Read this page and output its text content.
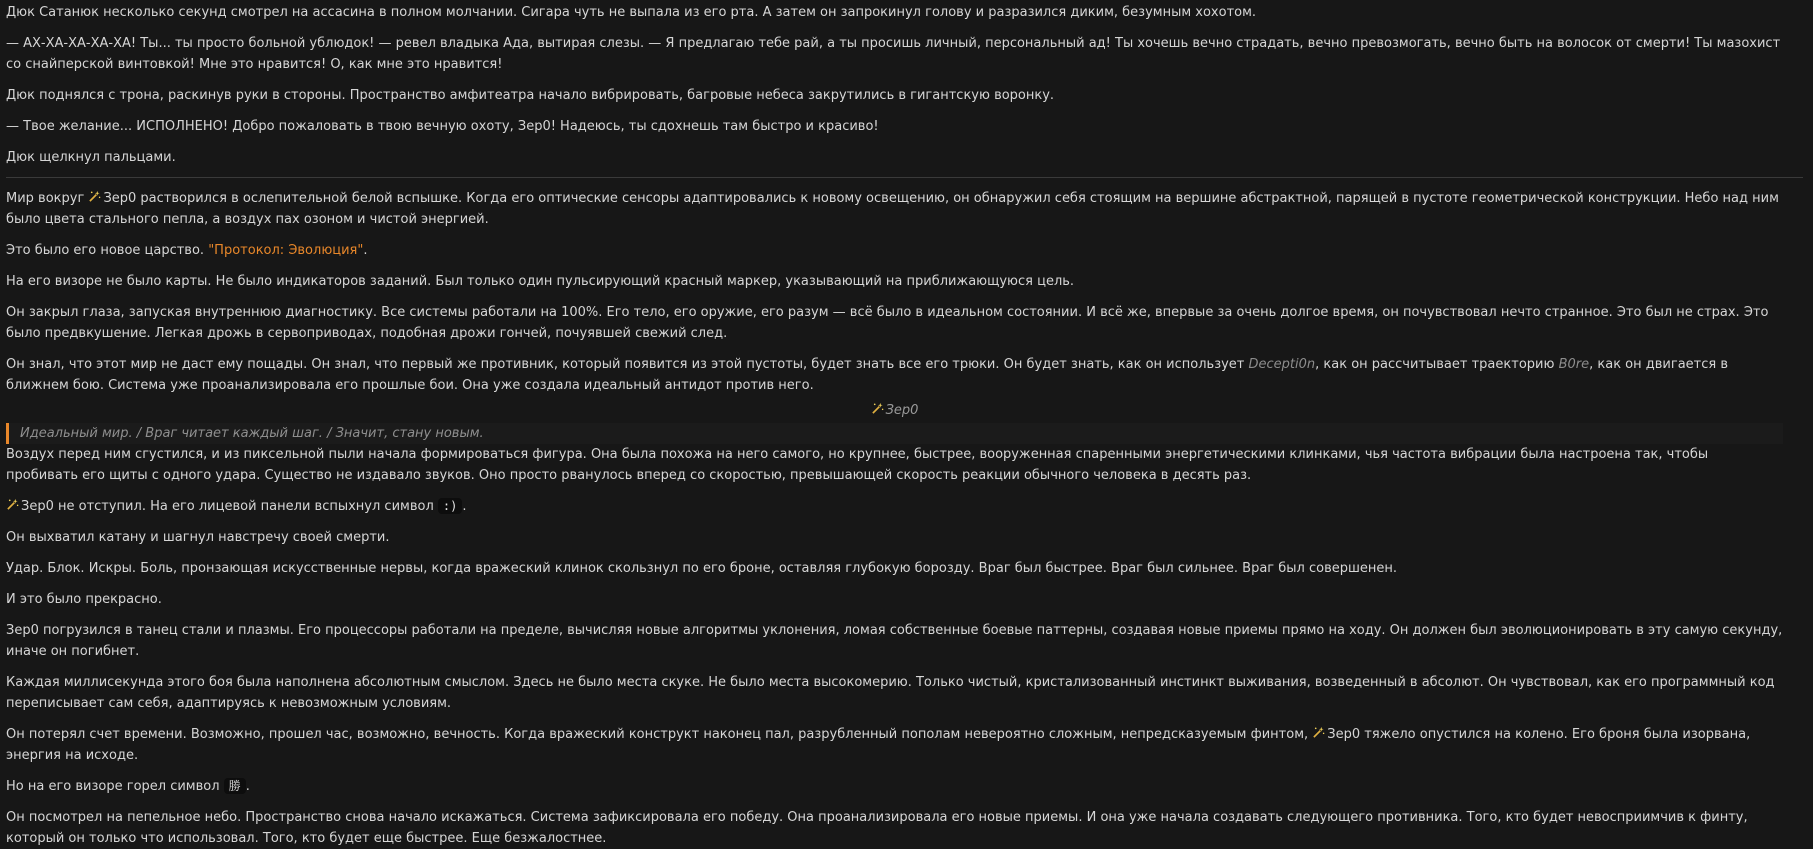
Дюк Сатанюк несколько секунд смотрел на ассасина в полном молчании. Сигара чуть не выпала из его рта. А затем он запрокинул голову и разразился диким, безумным хохотом.

— АХ-ХА-ХА-ХА-ХА! Ты... ты просто больной ублюдок! — ревел владыка Ада, вытирая слезы. — Я предлагаю тебе рай, а ты просишь личный, персональный ад! Ты хочешь вечно страдать, вечно превозмогать, вечно быть на волосок от смерти! Ты мазохист со снайперской винтовкой! Мне это нравится! О, как мне это нравится!

Дюк поднялся с трона, раскинув руки в стороны. Пространство амфитеатра начало вибрировать, багровые небеса закрутились в гигантскую воронку.

— Твое желание... ИСПОЛНЕНО! Добро пожаловать в твою вечную охоту, Зер0! Надеюсь, ты сдохнешь там быстро и красиво!

Дюк щелкнул пальцами.

Мир вокруг Зер0 растворился в ослепительной белой вспышке. Когда его оптические сенсоры адаптировались к новому освещению, он обнаружил себя стоящим на вершине абстрактной, парящей в пустоте геометрической конструкции. Небо над ним было цвета стального пепла, а воздух пах озоном и чистой энергией.

Это было его новое царство. "Протокол: Эволюция".

На его визоре не было карты. Не было индикаторов заданий. Был только один пульсирующий красный маркер, указывающий на приближающуюся цель.

Он закрыл глаза, запуская внутреннюю диагностику. Все системы работали на 100%. Его тело, его оружие, его разум — всё было в идеальном состоянии. И всё же, впервые за очень долгое время, он почувствовал нечто странное. Это был не страх. Это было предвкушение. Легкая дрожь в сервоприводах, подобная дрожи гончей, почуявшей свежий след.

Он знал, что этот мир не даст ему пощады. Он знал, что первый же противник, который появится из этой пустоты, будет знать все его трюки. Он будет знать, как он использует Decepti0n, как он рассчитывает траекторию B0re, как он двигается в ближнем бою. Система уже проанализировала его прошлые бои. Она уже создала идеальный антидот против него.

Зер0
Идеальный мир. / Враг читает каждый шаг. / Значит, стану новым.

Воздух перед ним сгустился, и из пиксельной пыли начала формироваться фигура. Она была похожа на него самого, но крупнее, быстрее, вооруженная спаренными энергетическими клинками, чья частота вибрации была настроена так, чтобы пробивать его щиты с одного удара. Существо не издавало звуков. Оно просто рванулось вперед со скоростью, превышающей скорость реакции обычного человека в десять раз.

Зер0 не отступил. На его лицевой панели вспыхнул символ :) .

Он выхватил катану и шагнул навстречу своей смерти.

Удар. Блок. Искры. Боль, пронзающая искусственные нервы, когда вражеский клинок скользнул по его броне, оставляя глубокую борозду. Враг был быстрее. Враг был сильнее. Враг был совершенен.

И это было прекрасно.

Зер0 погрузился в танец стали и плазмы. Его процессоры работали на пределе, вычисляя новые алгоритмы уклонения, ломая собственные боевые паттерны, создавая новые приемы прямо на ходу. Он должен был эволюционировать в эту самую секунду, иначе он погибнет.

Каждая миллисекунда этого боя была наполнена абсолютным смыслом. Здесь не было места скуке. Не было места высокомерию. Только чистый, кристализованный инстинкт выживания, возведенный в абсолют. Он чувствовал, как его программный код переписывает сам себя, адаптируясь к невозможным условиям.

Он потерял счет времени. Возможно, прошел час, возможно, вечность. Когда вражеский конструкт наконец пал, разрубленный пополам невероятно сложным, непредсказуемым финтом, Зер0 тяжело опустился на колено. Его броня была изорвана, энергия на исходе.

Но на его визоре горел символ 勝 .

Он посмотрел на пепельное небо. Пространство снова начало искажаться. Система зафиксировала его победу. Она проанализировала его новые приемы. И она уже начала создавать следующего противника. Того, кто будет невосприимчив к финту, который он только что использовал. Того, кто будет еще быстрее. Еще безжалостнее.
